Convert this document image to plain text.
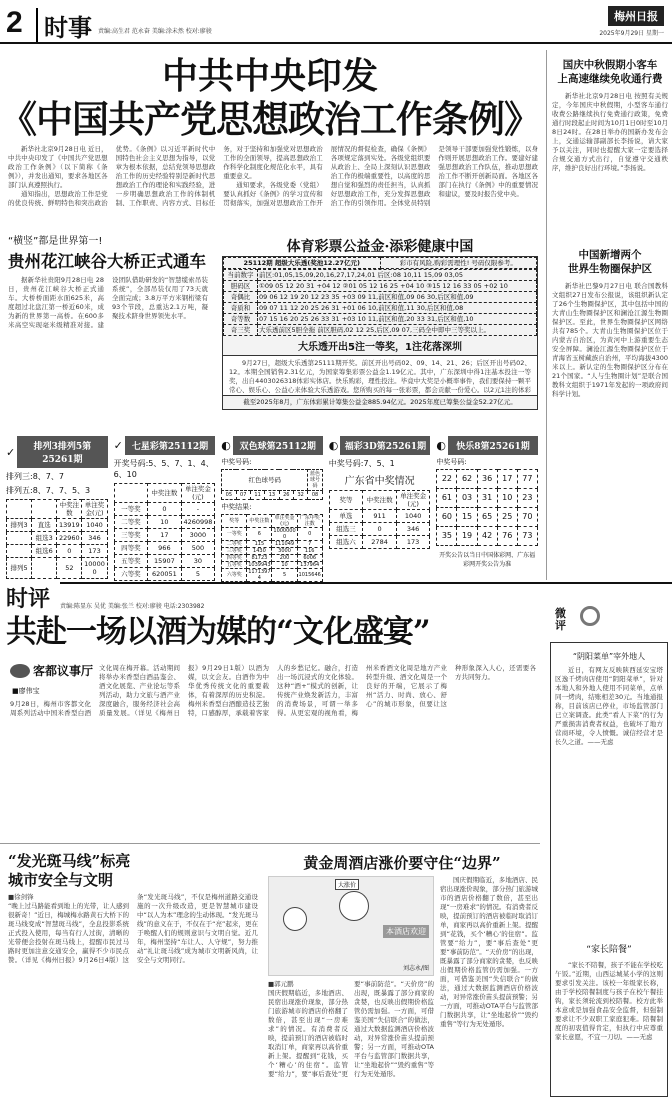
2 时事 责编:高生君 范永奋 美编:涂未然 校对:廖骏
梅州日报
2025年9月29日 星期一
中共中央印发
《中国共产党思想政治工作条例》

新华社北京9月28日电 近日，中共中央印发了《中国共产党思想政治工作条例》（以下简称《条例》），并发出通知，要求各地区各部门认真遵照执行。

通知指出，思想政治工作是党的优良传统、鲜明特色和突出政治优势。《条例》以习近平新时代中国特色社会主义思想为指导，以党章为根本依据，总结党领导思想政治工作的历史经验特别是新时代思想政治工作的理论和实践经验，进一步明确思想政治工作的体制机制、工作职责、内容方式、目标任务，对于坚持和加强党对思想政治工作的全面领导，提高思想政治工作科学化制度化规范化水平，具有重要意义。

通知要求，各级党委（党组）要认真抓好《条例》的学习宣传和贯彻落实，加强对思想政治工作开展情况的督促检查，确保《条例》各项规定落到实处。各级党组织要从政治上、全局上深刻认识思想政治工作的极端重要性，以高度的思想自觉和强烈的责任担当，认真抓好思想政治工作，充分发挥思想政治工作的引领作用。全体党员特别是领导干部要加强党性锻炼，以身作则开展思想政治工作。要建好建强思想政治工作队伍，推动思想政治工作不断开创新局面。各地区各部门在执行《条例》中的重要情况和建议，要及时报告党中央。

“横竖”都是世界第一!
贵州花江峡谷大桥正式通车
据新华社贵阳9月28日电 28日，贵州花江峡谷大桥正式通车。大桥桥面距水面625米，高度超过北盘江第一桥近60米，成为新的世界第一高桥。在600多米高空实现毫米级精准对接。建设团队借助研发的“智慧缆索吊装系统”，全部吊装仅用了73天就全面完成；3.8万平方米钢桁梁有93个节段，总重达2.1万吨，凝聚技术跻身世界领先水平。
体育彩票公益金·添彩健康中国
25112期 超级大乐透(奖池12.27亿元)	彩市有风险,购彩需理性! 号码仅限参考。
当前数字	前区:01,05,15,09,20,16,27,17,24,01 后区:08 10,11 15,09 03,05
胆码区	①09 05 12 20 31 +04 12 ②01 05 12 16 25 +04 10 ③15 12 16 33 05 +02 10
奇偶比	09 06 12 19 20 12 23 35 +03 09 11,前区和值,09 06 30,后区和值,09
奇质和	09 07 11 12 20 25 26 31 +01 06 10,前区和值,11 30,后区和值,08
奇等数	07 15 16 20 25 26 33 31 +03 10 11,前区和值,20 33 31,后区和值,10
奇三奖	大乐透前区5胆全拖 前区胆码,02 12 25,后区,09 07,三码全中即中三等奖以上。
大乐透开出5注一等奖，1注花落深圳
9月27日，超级大乐透第25111期开奖。前区开出号码02、09、14、21、26；后区开出号码02、12。本期全国销售2.31亿元，为国家筹集彩票公益金1.19亿元。其中，广东深圳中得1注基本投注一等奖，出自4403026318体彩实体店。快乐购彩，理性投注。毕竟中大奖是小概率事件，我们要保持一颗平常心、娱乐心、公益心来体验大乐透游戏。您所购买的每一张彩票，都会贡献一份爱心。以2元1注的体彩
截至2025年8月，广东体彩累计筹集公益金885.94亿元。2025年度已筹集公益金52.27亿元。
国庆中秋假期小客车
上高速继续免收通行费
新华社北京9月28日电 按照有关规定，今年国庆中秋假期，小型客车通行收费公路继续执行免费通行政策，免费通行时段起止时间为10月1日0时至10月8日24时。在28日举办的国新办发布会上，交通运输部副部长李扬说，请大家予以关注，同时也提醒大家一定要选择合规交通方式出行，自觉遵守交通秩序，维护良好出行环境。”李扬说。
中国新增两个
世界生物圈保护区
新华社巴黎9月27日电 联合国教科文组织27日发布公报说，该组织新认定了26个生物圈保护区，其中包括中国的大青山生物圈保护区和澜沧江源生物圈保护区。至此，世界生物圈保护区网络共有785个。大青山生物圈保护区位于内蒙古自治区，为黄河中上游重要生态安全屏障。澜沧江源生物圈保护区位于青海省玉树藏族自治州，平均海拔4300米以上。新认定的生物圈保护区分布在21个国家。“人与生物圈计划”是联合国教科文组织于1971年发起的一项政府间科学计划。
✓	排列3排列5第25261期
排列三:8、7、7
排列五:8、7、7、5、3
		中奖注数	单注奖金(元)
排列3	直选	13919	1040
	组选3	22960	346
	组选6	0	173
排列5		52	100000
✓	七星彩第25112期
开奖号码:5、5、7、1、4、6、10
	中奖注数	单注奖金(元)
一等奖	0	-
二等奖	10	4260998
三等奖	17	3000
四等奖	966	500
五等奖	15907	30
六等奖	620051	5
◐ 双色球第25112期
中奖号码:
红色球号码						蓝色球号码
05	07	11	13	26	32	08
中奖结果:
奖等	中奖注数	单注奖金(元)	广东中奖注数
一等奖	6	10000000	0
二等奖	115	111049	7
三等奖	1430	3000	116
四等奖	81723	200	6006
五等奖	1039943	10	137964
六等奖	11713974	5	1015646
◐ 福彩3D第25261期
中奖号码:7、5、1
广东省中奖情况
奖等	中奖注数	单注奖金(元)
单选	911	1040
组选三	0	346
组选六	2784	173
◐	快乐8第25261期
中奖号码:
22	62	36	17	77
61	03	31	10	23
60	15	65	25	70
35	19	42	76	73
开奖公告以当日中国体彩网、广东福彩网开奖公告为准
时评 责编:陈显东 吴优 美编:张兰 校对:廖骏 电话:2303982
共赴一场以酒为媒的“文化盛宴”
客都议事厅
■廖伟宝
9月28日，梅州市客都文化周系列活动中国米香型白酒文化周在梅开幕。活动期间将举办米香型白酒品鉴会、酒文化展览、产业论坛等系列活动，助力文旅与酒产业深度融合，服务经济社会高质量发展。（详见《梅州日报》9月29日1版）以酒为媒，以文会友。白酒作为中华优秀传统文化的重要载体，有着深厚的历史积淀。梅州米香型白酒酿造技艺独特，口感醇厚，承载着客家人的乡愁记忆。融合，打造出一场沉浸式的文化体验。这种“酒+”模式的创新，让传统产业焕发新活力，丰富的消费场景，可谓一举多得。从更宏观的视角看，梅州米香酒文化周是地方产业转型升级、酒文化周是一个良好的开端，它展示了梅州“活力、时尚、放心、舒心”的城市形象，但要让这种形象深入人心，还需要各方共同努力。
微
评
“阴阳菜单”宰外地人
近日，有网友反映陕西延安宝塔区逸千烤肉店使用“阴阳菜单”，针对本地人和外地人使用不同菜单，点单同一烤肉，结账相差30元。当地通报称，目前该店已停业，市场监管部门已立案调查。此类“看人下菜”的行为严重损害消费者权益，也破坏了地方营商环境，令人愤慨。诚信经营才是长久之道。——无虑
“家长陪餐”
“家长不陪餐，孩子不能在学校吃午饭。”近期，山西运城某小学的这则要求引发关注。该校一年级家长称，由于学校陪餐制度与孩子在校午餐挂钩，家长须轮流到校陪餐。校方此举本意或是加强食品安全监督，但强制要求让不少双职工家庭犯难。陪餐制度的初衷值得肯定，但执行中应尊重家长意愿，不宜一刀切。——无虑
“发光斑马线”标亮
城市安全与文明
■徐剑锋
“晚上过马路能看到地上的光带，让人感到很新奇！”近日，梅城梅水路黄石大桥下的斑马线变成“智慧斑马线”，全息投影系统正式投入使用，每当有行人过街，清晰的光带便会投射在斑马线上，提醒市民过马路时更加注意交通安全，赢得不少市民点赞。（详见《梅州日报》9月26日4版）这条“发光斑马线”，不仅是梅州道路交通设施的一次升级改造，更是智慧城市建设中“以人为本”理念的生动体现。“发光斑马线”的意义在于，不仅在于“亮”起来，更在于唤醒人们的规则意识与文明自觉。近几年，梅州坚持“车让人、人守规”，努力推动“礼让斑马线”成为城市文明新风尚，让安全与文明同行。
黄金周酒店涨价要守住“边界”
大涨价
本酒店欢迎
刘志永/图
■郭元鹏
国庆假期临近，多地酒店、民宿出现涨价现象，部分热门旅游城市的酒店价格翻了数倍，甚至出现“一房难求”的情况。有消费者反映，提前预订的酒店被临时取消订单，商家再以高价重新上架。提醒到“花钱，买个‘糟心’的住宿”。监管要“给力”，要“事后查处”更要“事前防范”。“天价房”的出现，既暴露了部分商家的贪婪，也反映出假期价格监管仍需加强。一方面，可借鉴美国“失信联合”的做法，通过大数据监测酒店价格波动，对异常涨价苗头提前预警；另一方面，可推动OTA平台与监管部门数据共享，让“坐地起价”“毁约重售”等行为无处遁形。
国庆假期临近，多地酒店、民宿出现涨价现象，部分热门旅游城市的酒店价格翻了数倍，甚至出现“一房难求”的情况。有消费者反映，提前预订的酒店被临时取消订单，商家再以高价重新上架。提醒到“花钱，买个‘糟心’的住宿”。监管要“给力”，要“事后查处”更要“事前防范”。“天价房”的出现，既暴露了部分商家的贪婪，也反映出假期价格监管仍需加强。一方面，可借鉴美国“失信联合”的做法，通过大数据监测酒店价格波动，对异常涨价苗头提前预警；另一方面，可推动OTA平台与监管部门数据共享，让“坐地起价”“毁约重售”等行为无处遁形。
